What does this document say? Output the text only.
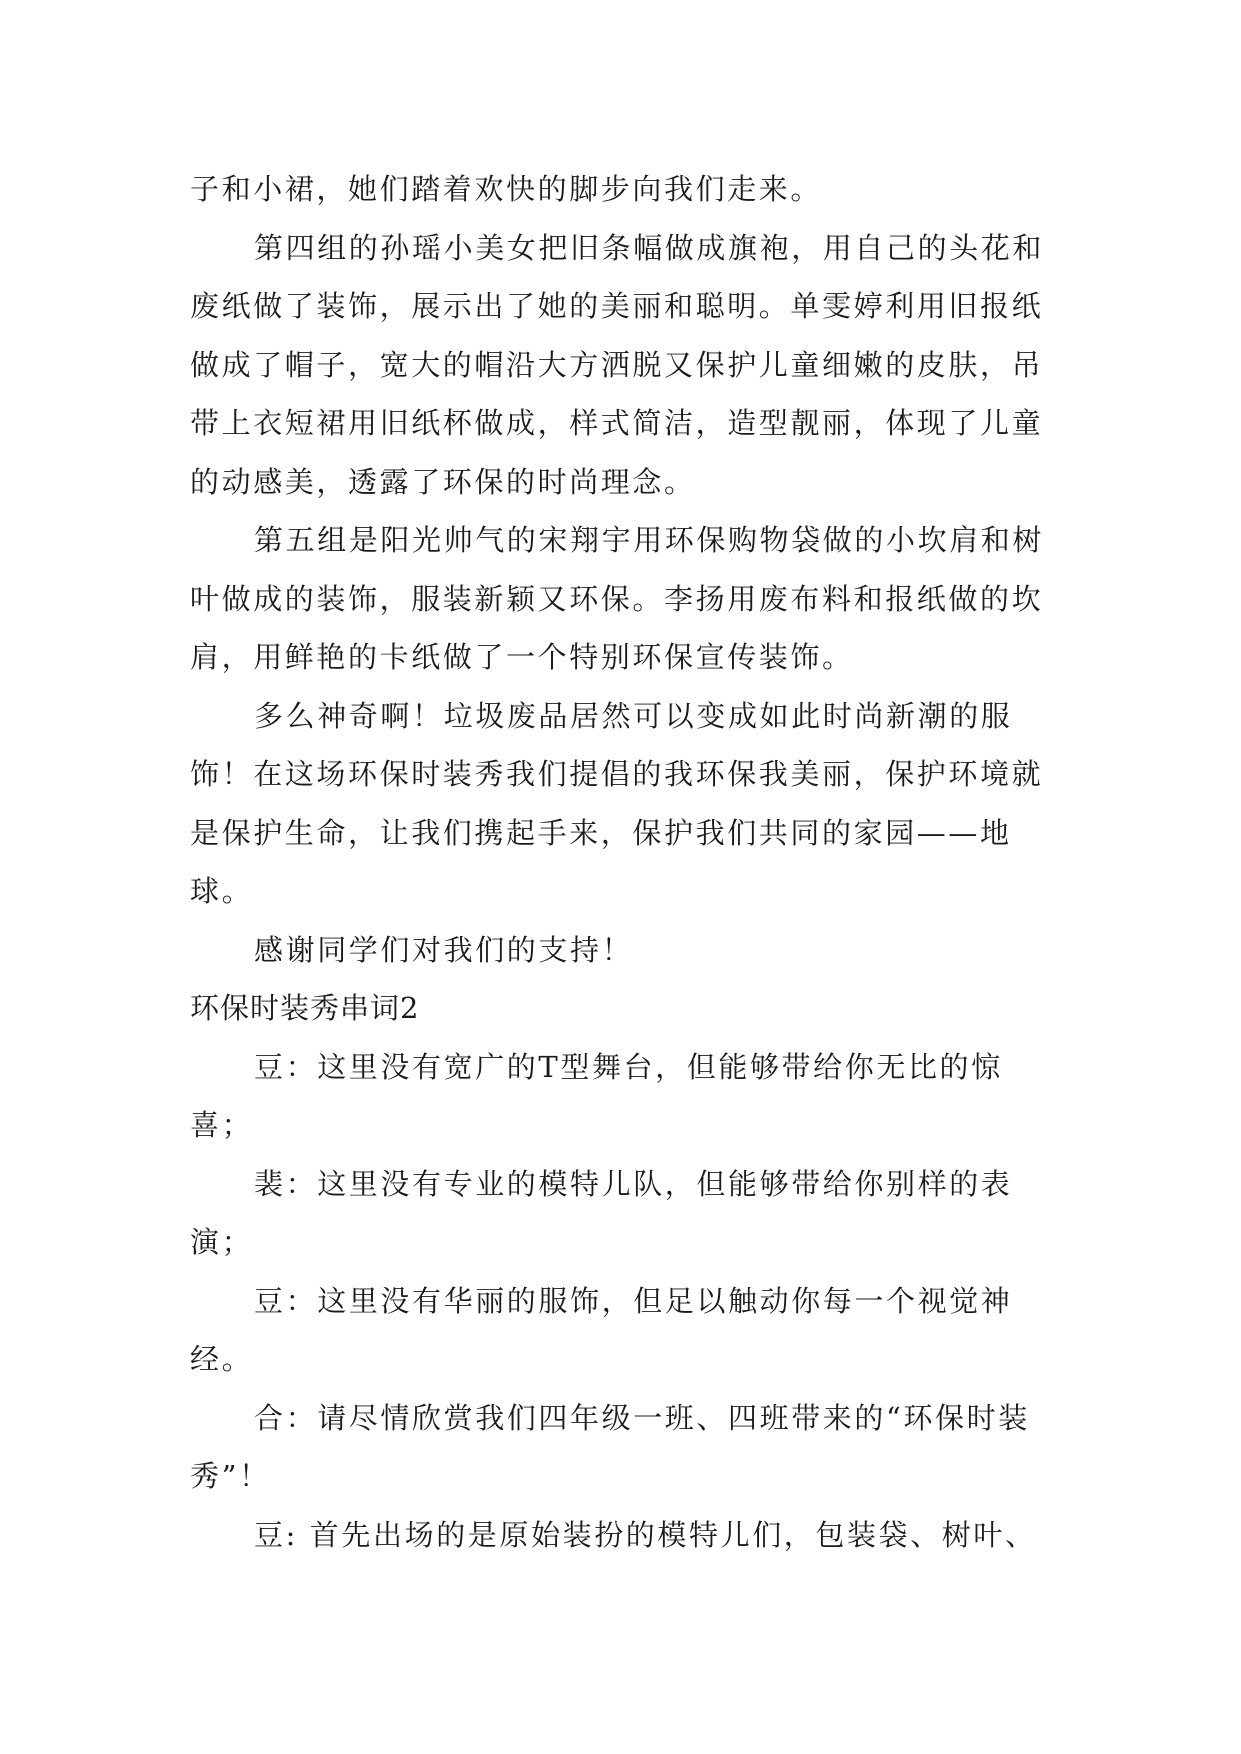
子和小裙，她们踏着欢快的脚步向我们走来。

第四组的孙瑶小美女把旧条幅做成旗袍，用自己的头花和废纸做了装饰，展示出了她的美丽和聪明。单雯婷利用旧报纸做成了帽子，宽大的帽沿大方洒脱又保护儿童细嫩的皮肤，吊带上衣短裙用旧纸杯做成，样式简洁，造型靓丽，体现了儿童的动感美，透露了环保的时尚理念。

第五组是阳光帅气的宋翔宇用环保购物袋做的小坎肩和树叶做成的装饰，服装新颖又环保。李扬用废布料和报纸做的坎肩，用鲜艳的卡纸做了一个特别环保宣传装饰。

多么神奇啊！垃圾废品居然可以变成如此时尚新潮的服饰！在这场环保时装秀我们提倡的我环保我美丽，保护环境就是保护生命，让我们携起手来，保护我们共同的家园——地球。

感谢同学们对我们的支持！

环保时装秀串词2

豆：这里没有宽广的T型舞台，但能够带给你无比的惊喜；

裴：这里没有专业的模特儿队，但能够带给你别样的表演；

豆：这里没有华丽的服饰，但足以触动你每一个视觉神经。

合：请尽情欣赏我们四年级一班、四班带来的“环保时装秀”！

豆: 首先出场的是原始装扮的模特儿们，包装袋、树叶、
